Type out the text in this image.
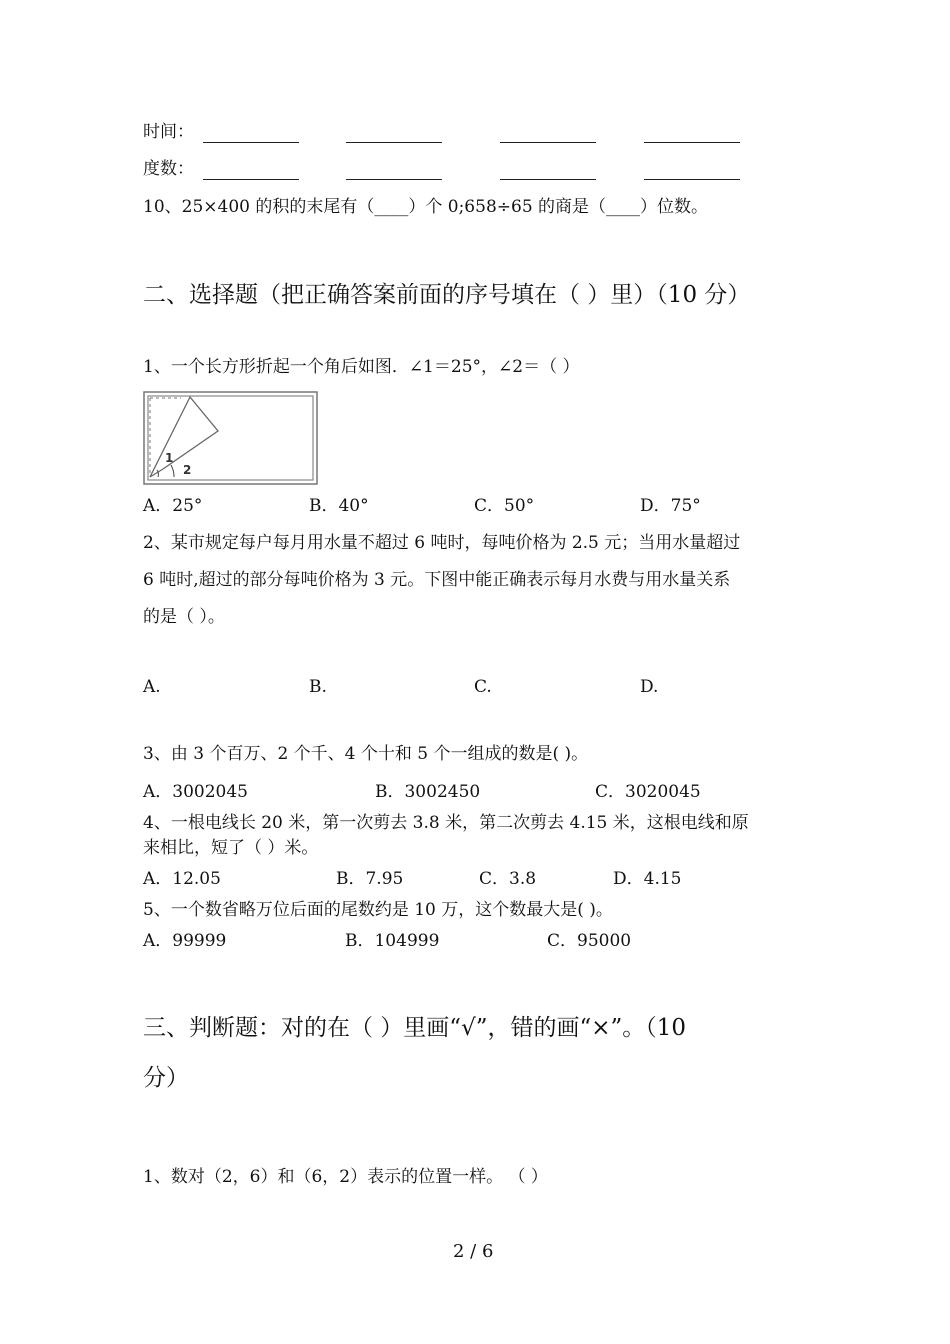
时间：
度数：
10、25×400 的积的末尾有（____）个 0;658÷65 的商是（____）位数。
二、选择题（把正确答案前面的序号填在（ ）里）（10 分）
1、一个长方形折起一个角后如图．∠1＝25°，∠2＝（ ）
1
2
A．25°	B．40°	C．50°	D．75°
2、某市规定每户每月用水量不超过 6 吨时，每吨价格为 2.5 元；当用水量超过
6 吨时,超过的部分每吨价格为 3 元。下图中能正确表示每月水费与用水量关系
的是（ ）。
A.	B.	C.	D.
3、由 3 个百万、2 个千、4 个十和 5 个一组成的数是( )。
A．3002045	B．3002450	C．3020045
4、一根电线长 20 米，第一次剪去 3.8 米，第二次剪去 4.15 米，这根电线和原
来相比，短了（ ）米。
A．12.05	B．7.95	C．3.8	D．4.15
5、一个数省略万位后面的尾数约是 10 万，这个数最大是( )。
A．99999	B．104999	C．95000
三、判断题：对的在（ ）里画“√”，错的画“×”。（10
分）
1、数对（2，6）和（6，2）表示的位置一样。 （ ）
2 / 6
